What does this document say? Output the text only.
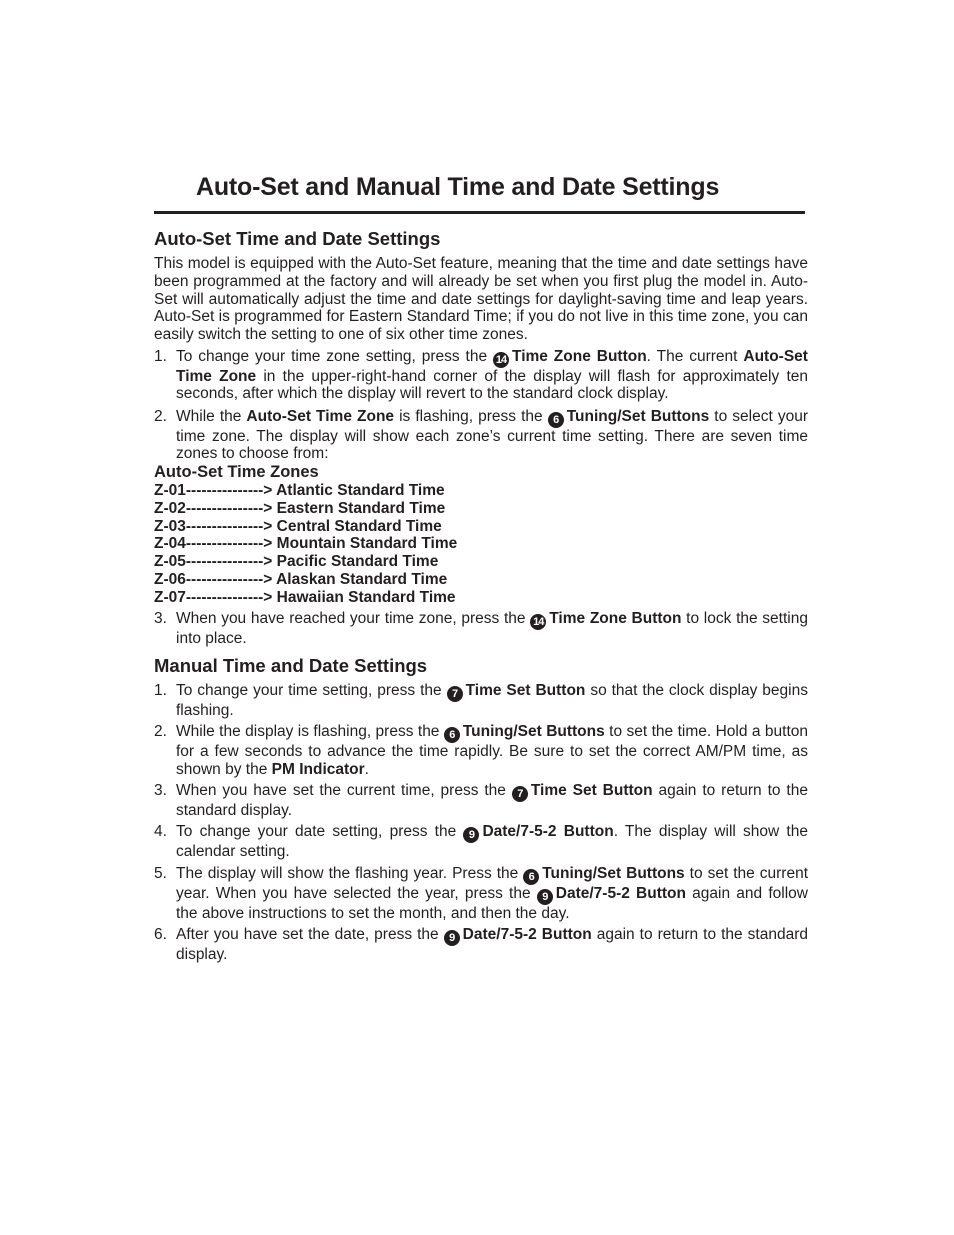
Auto-Set and Manual Time and Date Settings
Auto-Set Time and Date Settings

This model is equipped with the Auto-Set feature, meaning that the time and date settings have been programmed at the factory and will already be set when you first plug the model in. Auto-Set will automatically adjust the time and date settings for daylight-saving time and leap years. Auto-Set is programmed for Eastern Standard Time; if you do not live in this time zone, you can easily switch the setting to one of six other time zones.

1. To change your time zone setting, press the 14 Time Zone Button. The current Auto-Set Time Zone in the upper-right-hand corner of the display will flash for approximately ten seconds, after which the display will revert to the standard clock display.
2. While the Auto-Set Time Zone is flashing, press the 6 Tuning/Set Buttons to select your time zone. The display will show each zone’s current time setting. There are seven time zones to choose from:

Auto-Set Time Zones

Z-01---------------> Atlantic Standard Time
Z-02---------------> Eastern Standard Time
Z-03---------------> Central Standard Time
Z-04---------------> Mountain Standard Time
Z-05---------------> Pacific Standard Time
Z-06---------------> Alaskan Standard Time
Z-07---------------> Hawaiian Standard Time
3. When you have reached your time zone, press the 14 Time Zone Button to lock the setting into place.
Manual Time and Date Settings
1. To change your time setting, press the 7 Time Set Button so that the clock display begins flashing.
2. While the display is flashing, press the 6 Tuning/Set Buttons to set the time. Hold a button for a few seconds to advance the time rapidly. Be sure to set the correct AM/PM time, as shown by the PM Indicator.
3. When you have set the current time, press the 7 Time Set Button again to return to the standard display.
4. To change your date setting, press the 9 Date/7-5-2 Button. The display will show the calendar setting.
5. The display will show the flashing year. Press the 6 Tuning/Set Buttons to set the current year. When you have selected the year, press the 9 Date/7-5-2 Button again and follow the above instructions to set the month, and then the day.
6. After you have set the date, press the 9 Date/7-5-2 Button again to return to the standard display.
